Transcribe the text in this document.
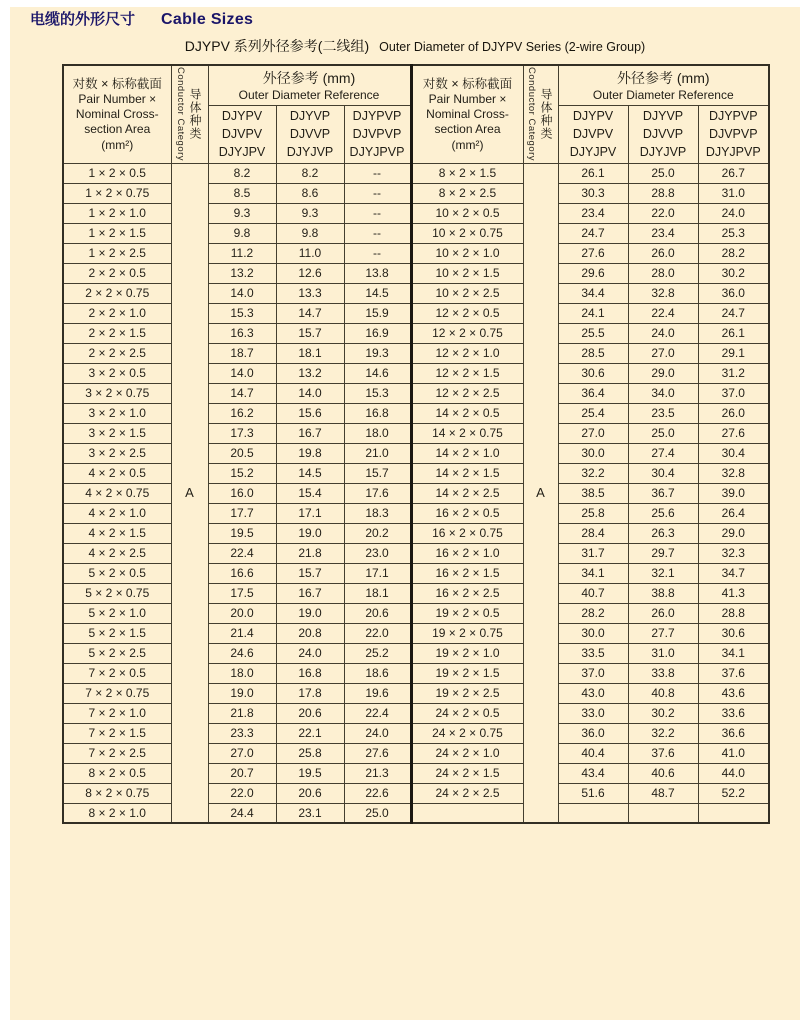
电缆的外形尺寸 Cable Sizes
DJYPV 系列外径参考(二线组) Outer Diameter of DJYPV Series (2-wire Group)
对数 × 标称截面
Pair Number ×
Nominal Cross-
section Area
(mm²)	Conductor Category 导体种类

外径参考 (mm)
Outer Diameter Reference

对数 × 标称截面
Pair Number ×
Nominal Cross-
section Area
(mm²)	Conductor Category 导体种类

外径参考 (mm)
Outer Diameter Reference

DJYPV
DJVPV
DJYJPV

DJYVP
DJVVP
DJYJVP

DJYPVP
DJVPVP
DJYJPVP

DJYPV
DJVPV
DJYJPV

DJYVP
DJVVP
DJYJVP

DJYPVP
DJVPVP
DJYJPVP

1 × 2 × 0.5	A	8.2	8.2	--	8 × 2 × 1.5	A	26.1	25.0	26.7
1 × 2 × 0.75		8.5	8.6	--	8 × 2 × 2.5		30.3	28.8	31.0
1 × 2 × 1.0		9.3	9.3	--	10 × 2 × 0.5		23.4	22.0	24.0
1 × 2 × 1.5		9.8	9.8	--	10 × 2 × 0.75		24.7	23.4	25.3
1 × 2 × 2.5		11.2	11.0	--	10 × 2 × 1.0		27.6	26.0	28.2
2 × 2 × 0.5		13.2	12.6	13.8	10 × 2 × 1.5		29.6	28.0	30.2
2 × 2 × 0.75		14.0	13.3	14.5	10 × 2 × 2.5		34.4	32.8	36.0
2 × 2 × 1.0		15.3	14.7	15.9	12 × 2 × 0.5		24.1	22.4	24.7
2 × 2 × 1.5		16.3	15.7	16.9	12 × 2 × 0.75		25.5	24.0	26.1
2 × 2 × 2.5		18.7	18.1	19.3	12 × 2 × 1.0		28.5	27.0	29.1
3 × 2 × 0.5		14.0	13.2	14.6	12 × 2 × 1.5		30.6	29.0	31.2
3 × 2 × 0.75		14.7	14.0	15.3	12 × 2 × 2.5		36.4	34.0	37.0
3 × 2 × 1.0		16.2	15.6	16.8	14 × 2 × 0.5		25.4	23.5	26.0
3 × 2 × 1.5		17.3	16.7	18.0	14 × 2 × 0.75		27.0	25.0	27.6
3 × 2 × 2.5		20.5	19.8	21.0	14 × 2 × 1.0		30.0	27.4	30.4
4 × 2 × 0.5		15.2	14.5	15.7	14 × 2 × 1.5		32.2	30.4	32.8
4 × 2 × 0.75		16.0	15.4	17.6	14 × 2 × 2.5		38.5	36.7	39.0
4 × 2 × 1.0		17.7	17.1	18.3	16 × 2 × 0.5		25.8	25.6	26.4
4 × 2 × 1.5		19.5	19.0	20.2	16 × 2 × 0.75		28.4	26.3	29.0
4 × 2 × 2.5		22.4	21.8	23.0	16 × 2 × 1.0		31.7	29.7	32.3
5 × 2 × 0.5		16.6	15.7	17.1	16 × 2 × 1.5		34.1	32.1	34.7
5 × 2 × 0.75		17.5	16.7	18.1	16 × 2 × 2.5		40.7	38.8	41.3
5 × 2 × 1.0		20.0	19.0	20.6	19 × 2 × 0.5		28.2	26.0	28.8
5 × 2 × 1.5		21.4	20.8	22.0	19 × 2 × 0.75		30.0	27.7	30.6
5 × 2 × 2.5		24.6	24.0	25.2	19 × 2 × 1.0		33.5	31.0	34.1
7 × 2 × 0.5		18.0	16.8	18.6	19 × 2 × 1.5		37.0	33.8	37.6
7 × 2 × 0.75		19.0	17.8	19.6	19 × 2 × 2.5		43.0	40.8	43.6
7 × 2 × 1.0		21.8	20.6	22.4	24 × 2 × 0.5		33.0	30.2	33.6
7 × 2 × 1.5		23.3	22.1	24.0	24 × 2 × 0.75		36.0	32.2	36.6
7 × 2 × 2.5		27.0	25.8	27.6	24 × 2 × 1.0		40.4	37.6	41.0
8 × 2 × 0.5		20.7	19.5	21.3	24 × 2 × 1.5		43.4	40.6	44.0
8 × 2 × 0.75		22.0	20.6	22.6	24 × 2 × 2.5		51.6	48.7	52.2
8 × 2 × 1.0		24.4	23.1	25.0					
